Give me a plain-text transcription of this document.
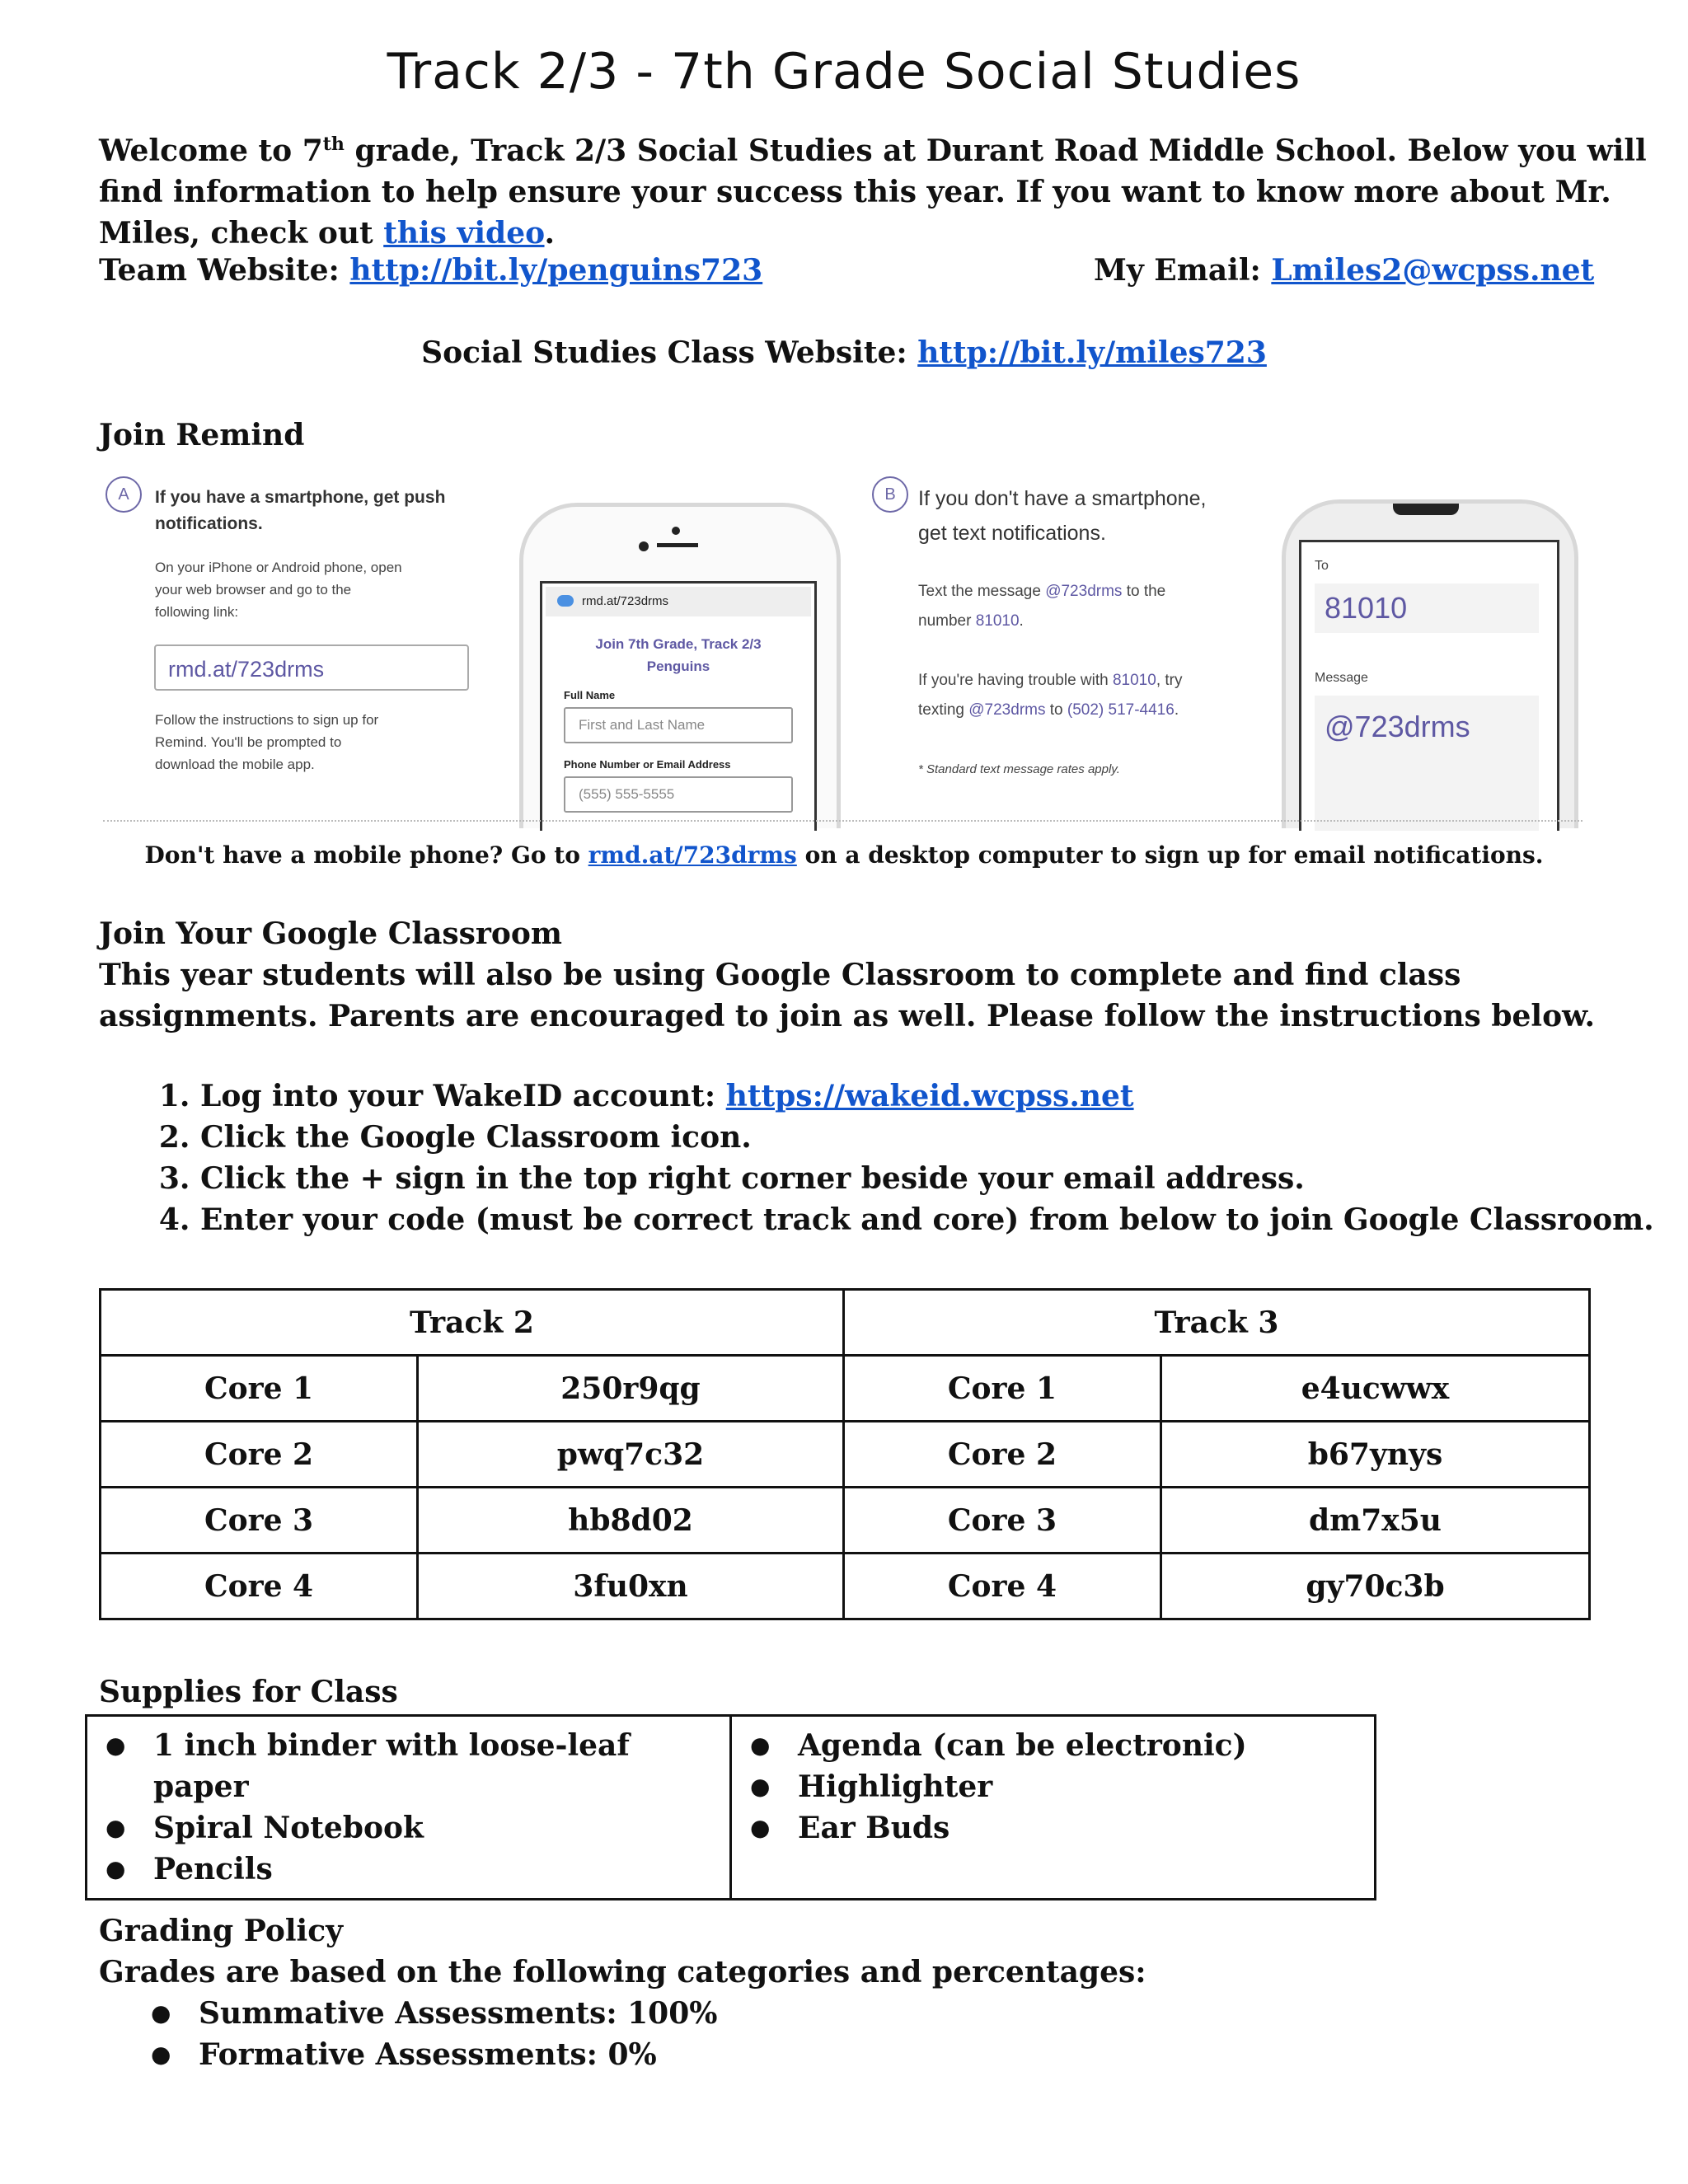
Track 2/3 - 7th Grade Social Studies
Welcome to 7th grade, Track 2/3 Social Studies at Durant Road Middle School. Below you will find information to help ensure your success this year. If you want to know more about Mr. Miles, check out this video.
Team Website: http://bit.ly/penguins723	My Email: Lmiles2@wcpss.net
Social Studies Class Website: http://bit.ly/miles723
Join Remind
A	If you have a smartphone, get push notifications.
On your iPhone or Android phone, open your web browser and go to the following link:
rmd.at/723drms
Follow the instructions to sign up for Remind. You'll be prompted to download the mobile app.
rmd.at/723drms
Join 7th Grade, Track 2/3 Penguins
Full Name
First and Last Name
Phone Number or Email Address
(555) 555-5555
B	If you don't have a smartphone, get text notifications.
Text the message @723drms to the number 81010.
If you're having trouble with 81010, try texting @723drms to (502) 517-4416.
* Standard text message rates apply.
To
81010
Message
@723drms
Don't have a mobile phone? Go to rmd.at/723drms on a desktop computer to sign up for email notifications.
Join Your Google Classroom
This year students will also be using Google Classroom to complete and find class assignments. Parents are encouraged to join as well. Please follow the instructions below.
1. Log into your WakeID account: https://wakeid.wcpss.net
2. Click the Google Classroom icon.
3. Click the + sign in the top right corner beside your email address.
4. Enter your code (must be correct track and core) from below to join Google Classroom.
Track 2		Track 3	
Core 1	250r9qg	Core 1	e4ucwwx
Core 2	pwq7c32	Core 2	b67ynys
Core 3	hb8d02	Core 3	dm7x5u
Core 4	3fu0xn	Core 4	gy70c3b
Supplies for Class
● 1 inch binder with loose-leaf paper
● Spiral Notebook
● Pencils

● Agenda (can be electronic)
● Highlighter
● Ear Buds
Grading Policy
Grades are based on the following categories and percentages:
● Summative Assessments: 100%
● Formative Assessments: 0%
